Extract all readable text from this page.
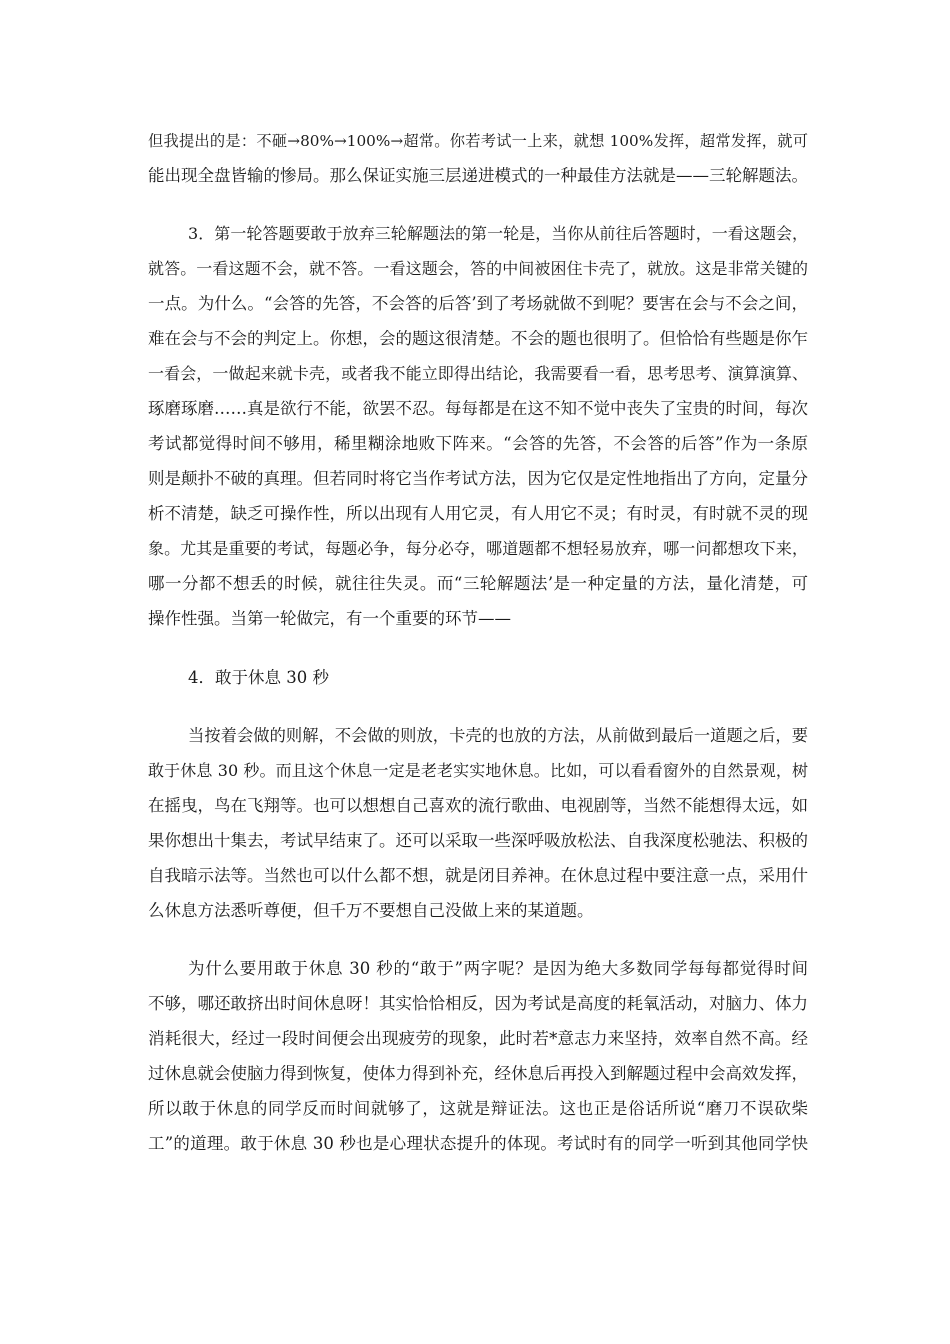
但我提出的是：不砸→80%→100%→超常。你若考试一上来，就想 100%发挥，超常发挥，就可
能出现全盘皆输的惨局。那么保证实施三层递进模式的一种最佳方法就是——三轮解题法。
3．第一轮答题要敢于放弃三轮解题法的第一轮是，当你从前往后答题时，一看这题会，
就答。一看这题不会，就不答。一看这题会，答的中间被困住卡壳了，就放。这是非常关键的
一点。为什么。“会答的先答，不会答的后答’到了考场就做不到呢？要害在会与不会之间，
难在会与不会的判定上。你想，会的题这很清楚。不会的题也很明了。但恰恰有些题是你乍
一看会，一做起来就卡壳，或者我不能立即得出结论，我需要看一看，思考思考、演算演算、
琢磨琢磨……真是欲行不能，欲罢不忍。每每都是在这不知不觉中丧失了宝贵的时间，每次
考试都觉得时间不够用，稀里糊涂地败下阵来。“会答的先答，不会答的后答”作为一条原
则是颠扑不破的真理。但若同时将它当作考试方法，因为它仅是定性地指出了方向，定量分
析不清楚，缺乏可操作性，所以出现有人用它灵，有人用它不灵；有时灵，有时就不灵的现
象。尤其是重要的考试，每题必争，每分必夺，哪道题都不想轻易放弃，哪一问都想攻下来，
哪一分都不想丢的时候，就往往失灵。而“三轮解题法’是一种定量的方法，量化清楚，可
操作性强。当第一轮做完，有一个重要的环节——
4．敢于休息 30 秒
当按着会做的则解，不会做的则放，卡壳的也放的方法，从前做到最后一道题之后，要
敢于休息 30 秒。而且这个休息一定是老老实实地休息。比如，可以看看窗外的自然景观，树
在摇曳，鸟在飞翔等。也可以想想自己喜欢的流行歌曲、电视剧等，当然不能想得太远，如
果你想出十集去，考试早结束了。还可以采取一些深呼吸放松法、自我深度松驰法、积极的
自我暗示法等。当然也可以什么都不想，就是闭目养神。在休息过程中要注意一点，采用什
么休息方法悉听尊便，但千万不要想自己没做上来的某道题。
为什么要用敢于休息 30 秒的“敢于”两字呢？是因为绝大多数同学每每都觉得时间
不够，哪还敢挤出时间休息呀！其实恰恰相反，因为考试是高度的耗氧活动，对脑力、体力
消耗很大，经过一段时间便会出现疲劳的现象，此时若*意志力来坚持，效率自然不高。经
过休息就会使脑力得到恢复，使体力得到补充，经休息后再投入到解题过程中会高效发挥，
所以敢于休息的同学反而时间就够了，这就是辩证法。这也正是俗话所说“磨刀不误砍柴
工”的道理。敢于休息 30 秒也是心理状态提升的体现。考试时有的同学一听到其他同学快
